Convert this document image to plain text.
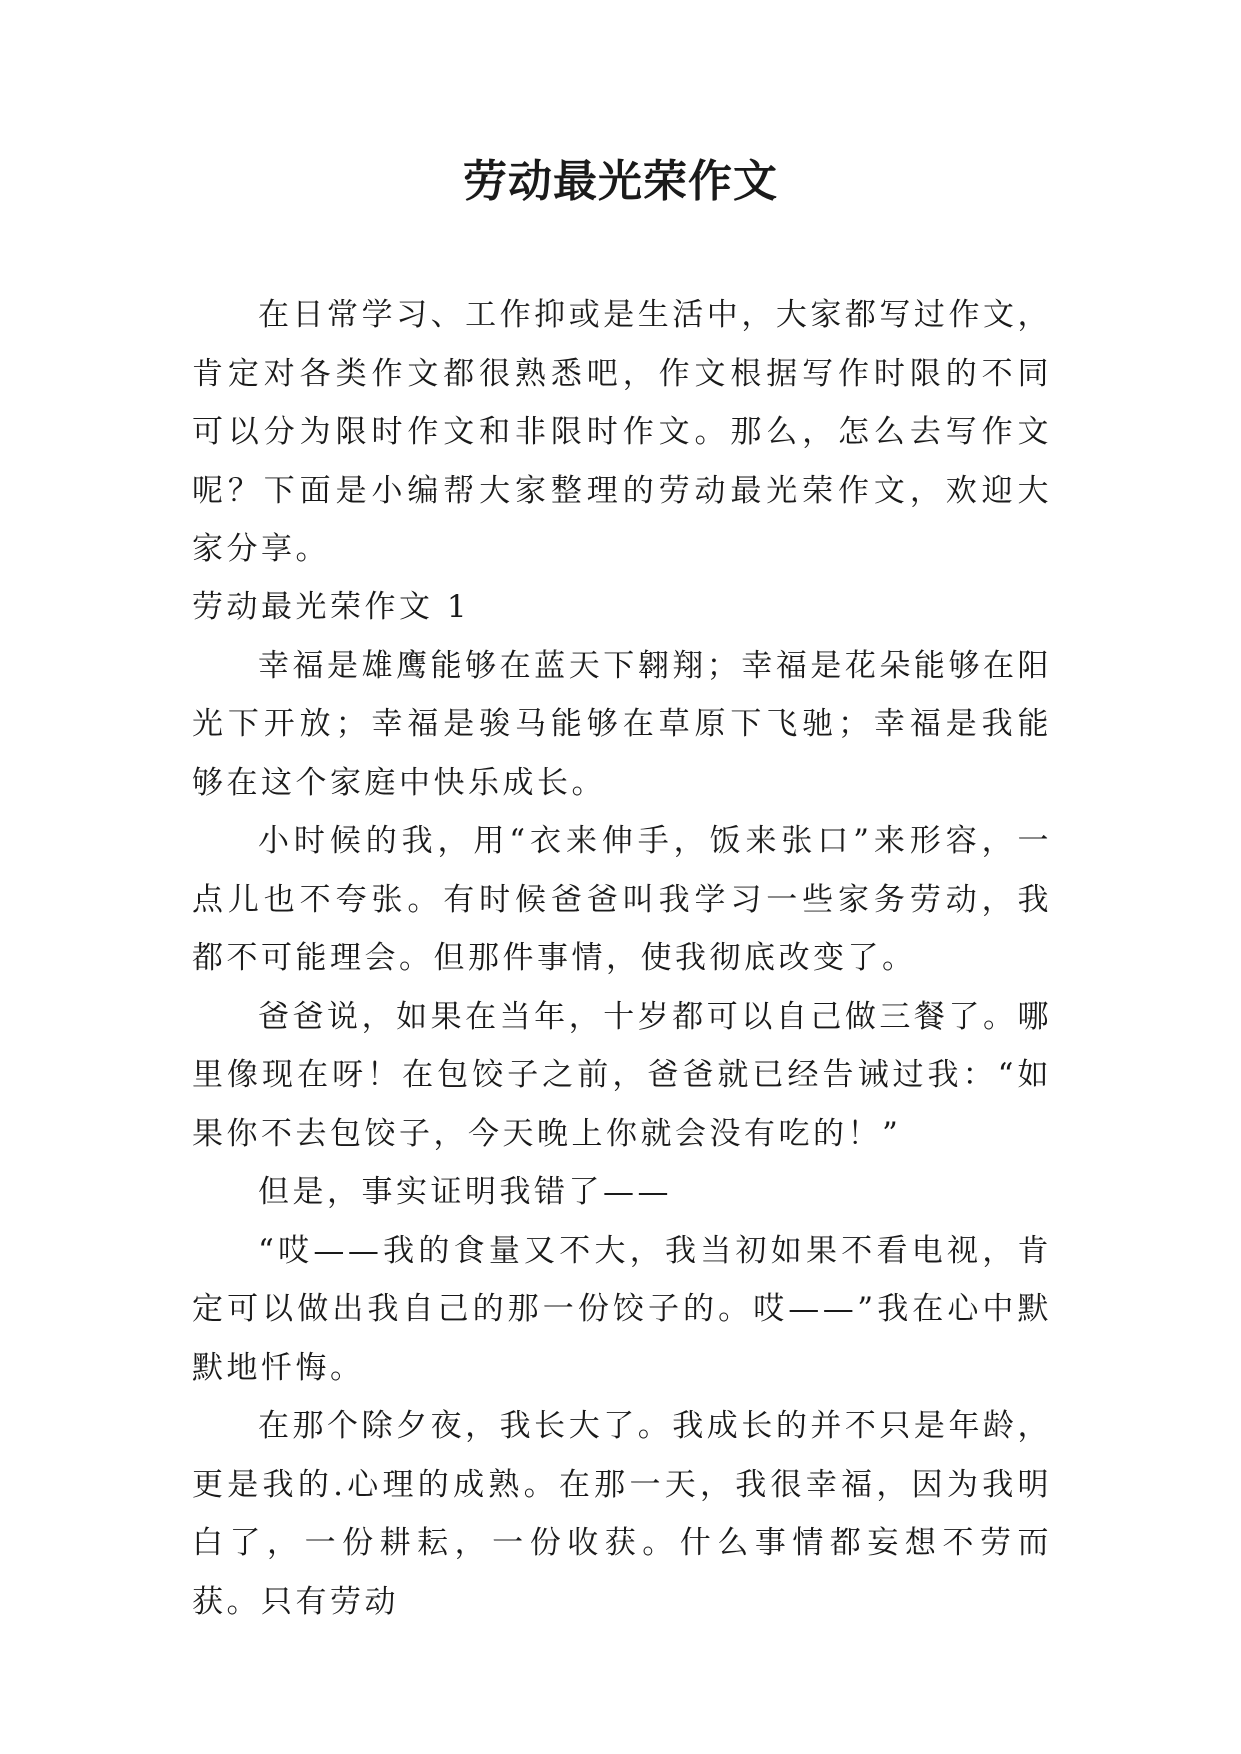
劳动最光荣作文

在日常学习、工作抑或是生活中，大家都写过作文，肯定对各类作文都很熟悉吧，作文根据写作时限的不同可以分为限时作文和非限时作文。那么，怎么去写作文呢？下面是小编帮大家整理的劳动最光荣作文，欢迎大家分享。

劳动最光荣作文 1

幸福是雄鹰能够在蓝天下翱翔；幸福是花朵能够在阳光下开放；幸福是骏马能够在草原下飞驰；幸福是我能够在这个家庭中快乐成长。

小时候的我，用“衣来伸手，饭来张口”来形容，一点儿也不夸张。有时候爸爸叫我学习一些家务劳动，我都不可能理会。但那件事情，使我彻底改变了。

爸爸说，如果在当年，十岁都可以自己做三餐了。哪里像现在呀！在包饺子之前，爸爸就已经告诫过我：“如果你不去包饺子，今天晚上你就会没有吃的！”

但是，事实证明我错了——

“哎——我的食量又不大，我当初如果不看电视，肯定可以做出我自己的那一份饺子的。哎——”我在心中默默地忏悔。

在那个除夕夜，我长大了。我成长的并不只是年龄，更是我的.心理的成熟。在那一天，我很幸福，因为我明白了，一份耕耘，一份收获。什么事情都妄想不劳而获。只有劳动
